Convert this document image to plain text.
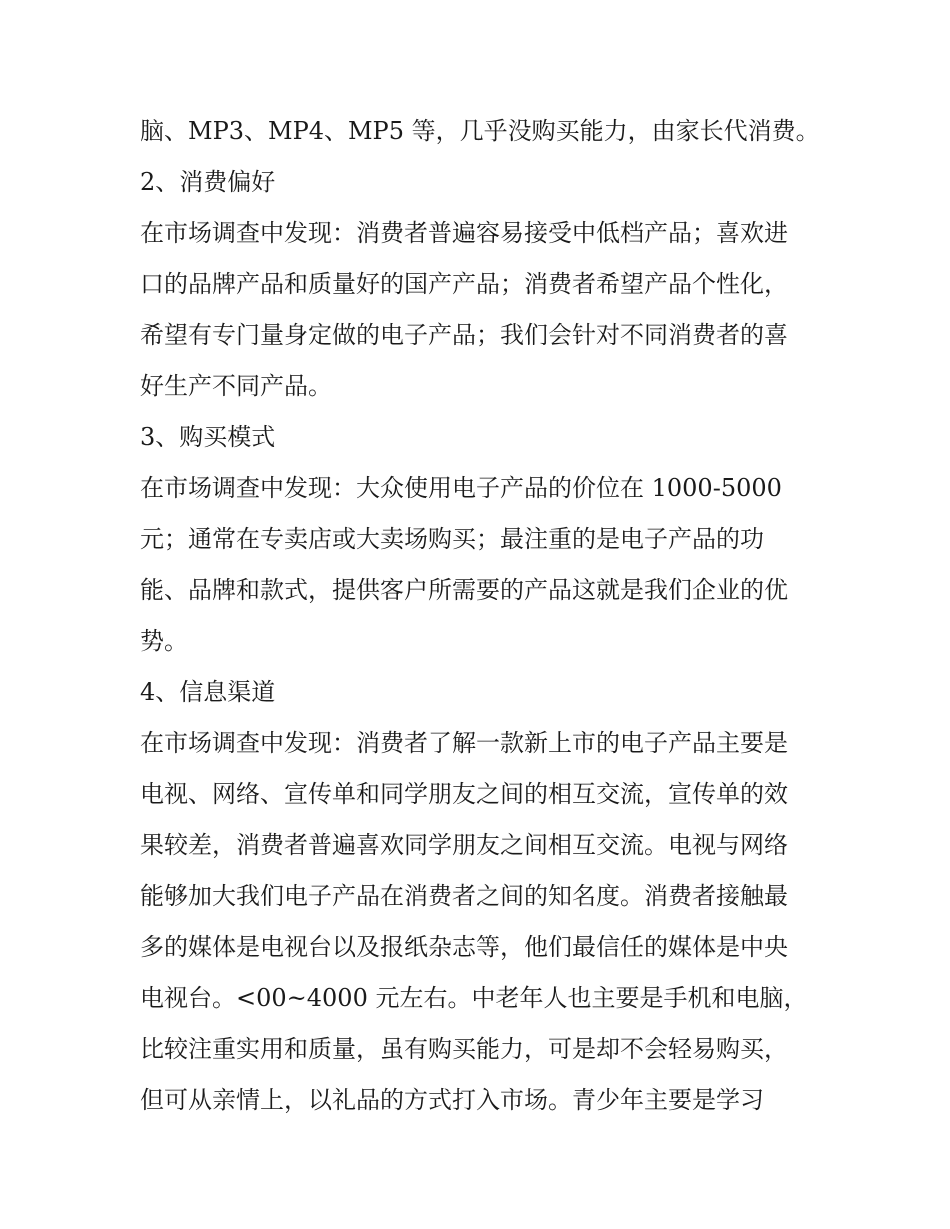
脑、MP3、MP4、MP5 等，几乎没购买能力，由家长代消费。
2、消费偏好
在市场调查中发现：消费者普遍容易接受中低档产品；喜欢进
口的品牌产品和质量好的国产产品；消费者希望产品个性化，
希望有专门量身定做的电子产品；我们会针对不同消费者的喜
好生产不同产品。
3、购买模式
在市场调查中发现：大众使用电子产品的价位在 1000-5000
元；通常在专卖店或大卖场购买；最注重的是电子产品的功
能、品牌和款式，提供客户所需要的产品这就是我们企业的优
势。
4、信息渠道
在市场调查中发现：消费者了解一款新上市的电子产品主要是
电视、网络、宣传单和同学朋友之间的相互交流，宣传单的效
果较差，消费者普遍喜欢同学朋友之间相互交流。电视与网络
能够加大我们电子产品在消费者之间的知名度。消费者接触最
多的媒体是电视台以及报纸杂志等，他们最信任的媒体是中央
电视台。<00~4000 元左右。中老年人也主要是手机和电脑，
比较注重实用和质量，虽有购买能力，可是却不会轻易购买，
但可从亲情上，以礼品的方式打入市场。青少年主要是学习
